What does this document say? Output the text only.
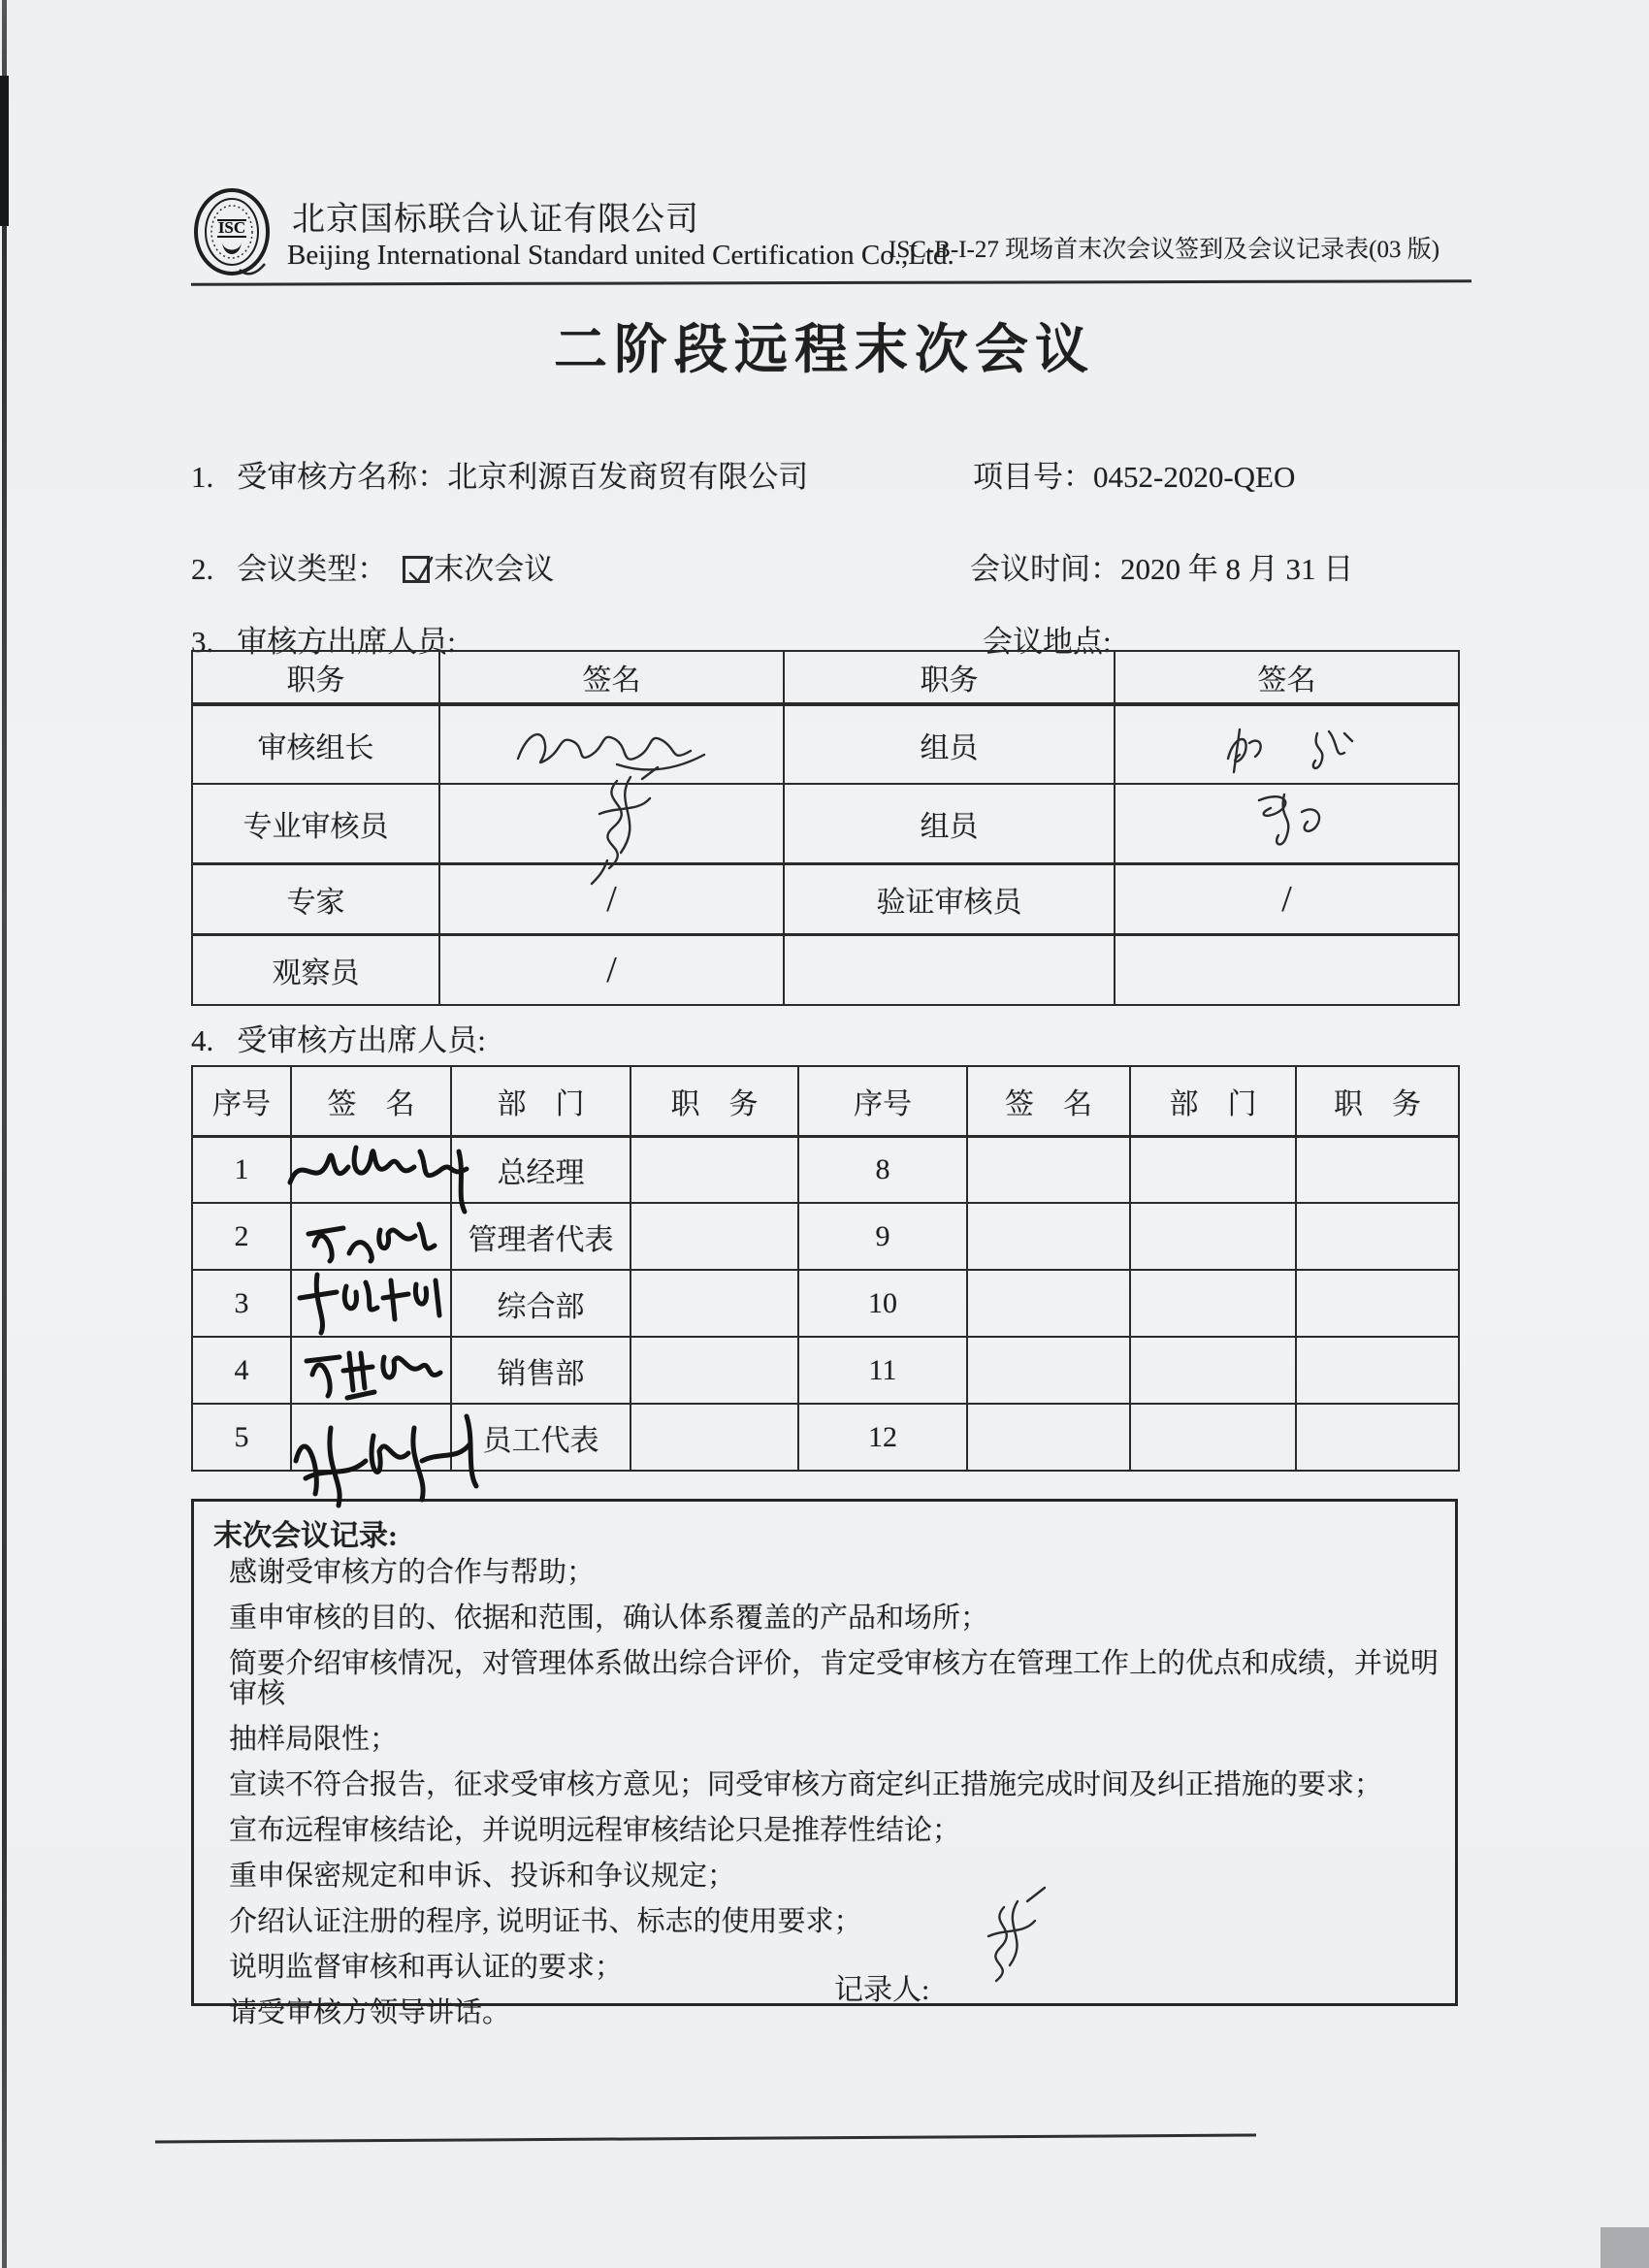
ISC 北京国标联合认证有限公司
Beijing International Standard united Certification Co.,Ltd.
ISC-B-I-27 现场首末次会议签到及会议记录表(03 版)
二阶段远程末次会议
1. 受审核方名称：北京利源百发商贸有限公司	项目号：0452-2020-QEO
2. 会议类型： 末次会议	会议时间：2020 年 8 月 31 日
3. 审核方出席人员:	会议地点:
职务	签名	职务	签名
审核组长		组员	

专业审核员		组员	

专家	/	验证审核员	/
观察员	/		
4. 受审核方出席人员:
序号	签　名	部　门	职　务	序号	签　名	部　门	职　务
1		总经理		8			
2		管理者代表		9			
3		综合部		10			
4		销售部		11			
5		员工代表		12			
末次会议记录:
感谢受审核方的合作与帮助；
重申审核的目的、依据和范围，确认体系覆盖的产品和场所；
简要介绍审核情况，对管理体系做出综合评价，肯定受审核方在管理工作上的优点和成绩，并说明审核
抽样局限性；
宣读不符合报告，征求受审核方意见；同受审核方商定纠正措施完成时间及纠正措施的要求；
宣布远程审核结论，并说明远程审核结论只是推荐性结论；
重申保密规定和申诉、投诉和争议规定；
介绍认证注册的程序, 说明证书、标志的使用要求；
说明监督审核和再认证的要求；
请受审核方领导讲话。
记录人:
